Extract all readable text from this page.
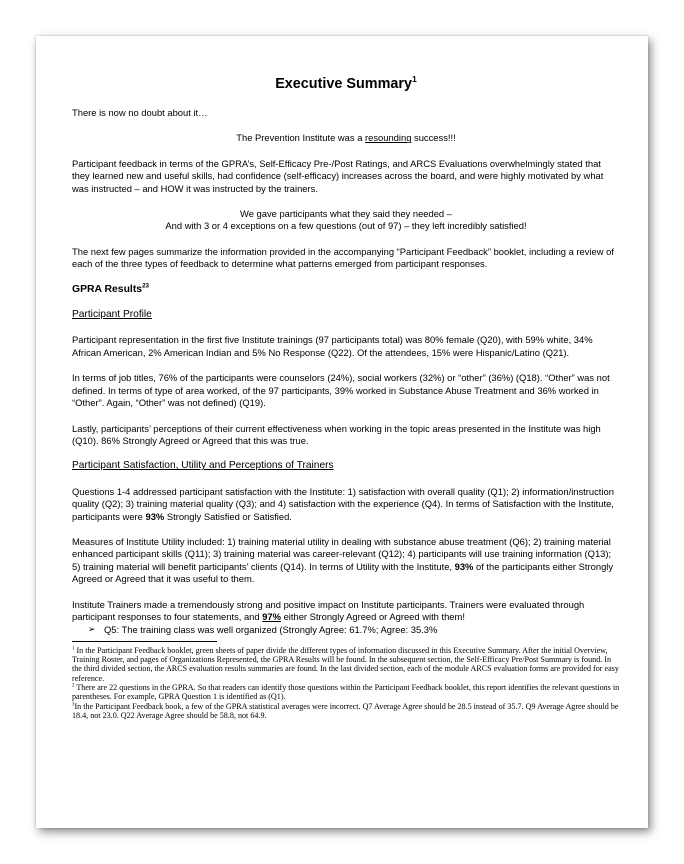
Executive Summary$^1$

There is now no doubt about it…

The Prevention Institute was a resounding success!!!

Participant feedback in terms of the GPRA’s, Self-Efficacy Pre-/Post Ratings, and ARCS Evaluations overwhelmingly stated that they learned new and useful skills, had confidence (self-efficacy) increases across the board, and were highly motivated by what was instructed – and HOW it was instructed by the trainers.

We gave participants what they said they needed –
And with 3 or 4 exceptions on a few questions (out of 97) – they left incredibly satisfied!

The next few pages summarize the information provided in the accompanying “Participant Feedback” booklet, including a review of each of the three types of feedback to determine what patterns emerged from participant responses.

GPRA Results$^{23}$
Participant Profile

Participant representation in the first five Institute trainings (97 participants total) was 80% female (Q20), with 59% white, 34% African American, 2% American Indian and 5% No Response (Q22). Of the attendees, 15% were Hispanic/Latino (Q21).

In terms of job titles, 76% of the participants were counselors (24%), social workers (32%) or “other” (36%) (Q18). “Other” was not defined. In terms of type of area worked, of the 97 participants, 39% worked in Substance Abuse Treatment and 36% worked in “Other”. Again, “Other” was not defined) (Q19).

Lastly, participants’ perceptions of their current effectiveness when working in the topic areas presented in the Institute was high (Q10). 86% Strongly Agreed or Agreed that this was true.

Participant Satisfaction, Utility and Perceptions of Trainers

Questions 1-4 addressed participant satisfaction with the Institute: 1) satisfaction with overall quality (Q1); 2) information/instruction quality (Q2); 3) training material quality (Q3); and 4) satisfaction with the experience (Q4). In terms of Satisfaction with the Institute, participants were 93% Strongly Satisfied or Satisfied.

Measures of Institute Utility included: 1) training material utility in dealing with substance abuse treatment (Q6); 2) training material enhanced participant skills (Q11); 3) training material was career-relevant (Q12); 4) participants will use training information (Q13); 5) training material will benefit participants’ clients (Q14). In terms of Utility with the Institute, 93% of the participants either Strongly Agreed or Agreed that it was useful to them.

Institute Trainers made a tremendously strong and positive impact on Institute participants. Trainers were evaluated through participant responses to four statements, and 97% either Strongly Agreed or Agreed with them!

➢ Q5: The training class was well organized (Strongly Agree: 61.7%; Agree: 35.3%
$^1$ In the Participant Feedback booklet, green sheets of paper divide the different types of information discussed in this Executive Summary. After the initial Overview, Training Roster, and pages of Organizations Represented, the GPRA Results will be found. In the subsequent section, the Self-Efficacy Pre/Post Summary is found. In the third divided section, the ARCS evaluation results summaries are found. In the last divided section, each of the module ARCS evaluation forms are provided for easy reference.
$^2$ There are 22 questions in the GPRA. So that readers can identify those questions within the Participant Feedback booklet, this report identifies the relevant questions in parentheses. For example, GPRA Question 1 is identified as (Q1).
$^3$In the Participant Feedback book, a few of the GPRA statistical averages were incorrect. Q7 Average Agree should be 28.5 instead of 35.7. Q9 Average Agree should be 18.4, not 23.0. Q22 Average Agree should be 58.8, not 64.9.
